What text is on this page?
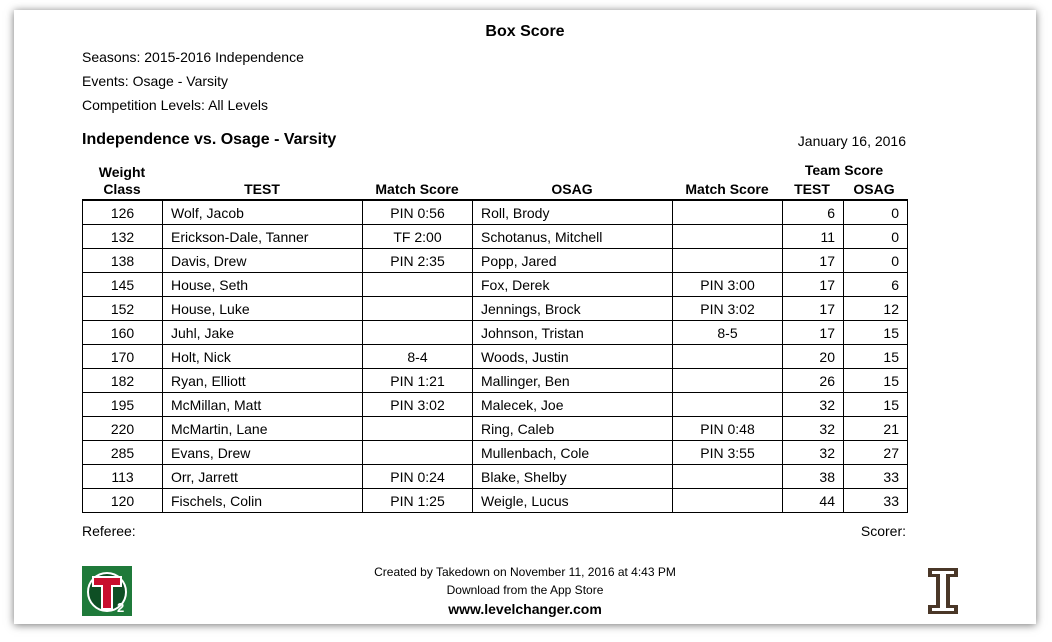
Box Score
Seasons: 2015-2016 Independence
Events: Osage - Varsity
Competition Levels: All Levels
Independence vs. Osage - Varsity	January 16, 2016
Weight
Class	TEST	Match Score	OSAG	Match Score
Team Score
TEST	OSAG
126	Wolf, Jacob	PIN 0:56	Roll, Brody		6	0
132	Erickson-Dale, Tanner	TF 2:00	Schotanus, Mitchell		11	0
138	Davis, Drew	PIN 2:35	Popp, Jared		17	0
145	House, Seth		Fox, Derek	PIN 3:00	17	6
152	House, Luke		Jennings, Brock	PIN 3:02	17	12
160	Juhl, Jake		Johnson, Tristan	8-5	17	15
170	Holt, Nick	8-4	Woods, Justin		20	15
182	Ryan, Elliott	PIN 1:21	Mallinger, Ben		26	15
195	McMillan, Matt	PIN 3:02	Malecek, Joe		32	15
220	McMartin, Lane		Ring, Caleb	PIN 0:48	32	21
285	Evans, Drew		Mullenbach, Cole	PIN 3:55	32	27
113	Orr, Jarrett	PIN 0:24	Blake, Shelby		38	33
120	Fischels, Colin	PIN 1:25	Weigle, Lucus		44	33
Referee:	Scorer:
Created by Takedown on November 11, 2016 at 4:43 PM
Download from the App Store
www.levelchanger.com
2
